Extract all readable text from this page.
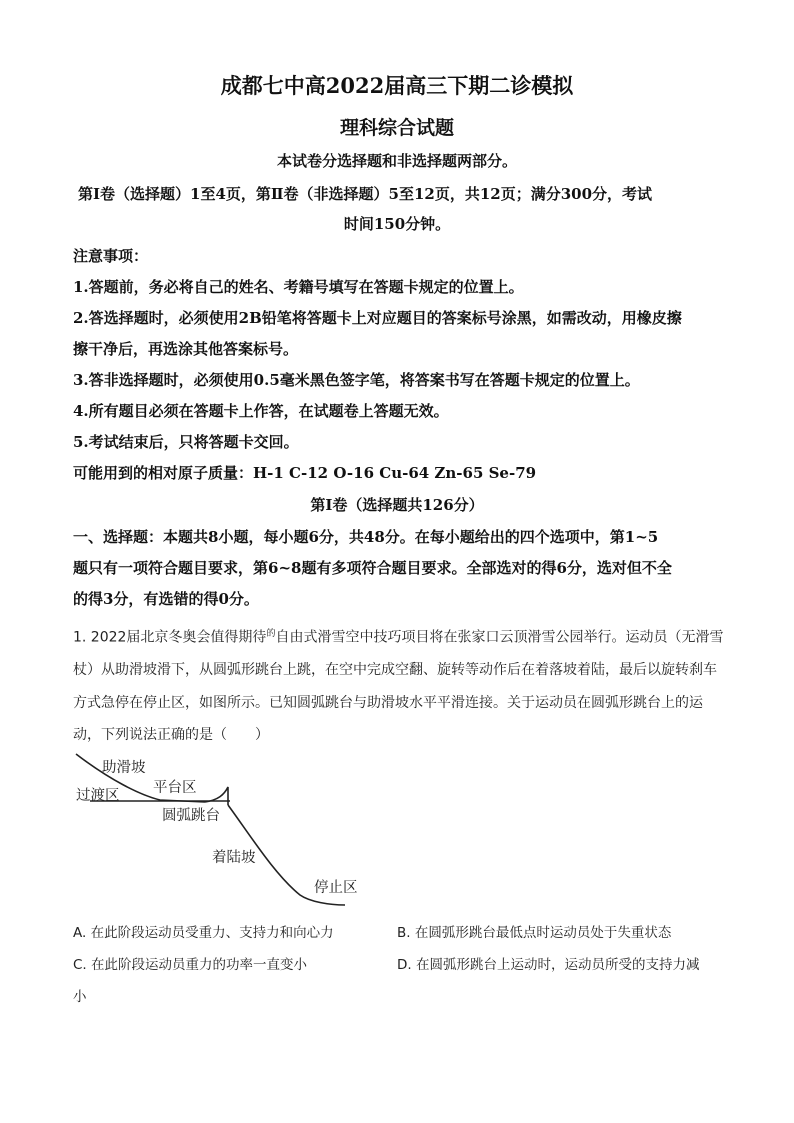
成都七中高2022届高三下期二诊模拟
理科综合试题
本试卷分选择题和非选择题两部分。
第Ⅰ卷（选择题）1至4页，第Ⅱ卷（非选择题）5至12页，共12页；满分300分，考试
时间150分钟。
注意事项：
1.答题前，务必将自己的姓名、考籍号填写在答题卡规定的位置上。
2.答选择题时，必须使用2B铅笔将答题卡上对应题目的答案标号涂黑，如需改动，用橡皮擦
擦干净后，再选涂其他答案标号。
3.答非选择题时，必须使用0.5毫米黑色签字笔，将答案书写在答题卡规定的位置上。
4.所有题目必须在答题卡上作答，在试题卷上答题无效。
5.考试结束后，只将答题卡交回。
可能用到的相对原子质量：H-1 C-12 O-16 Cu-64 Zn-65 Se-79
第Ⅰ卷（选择题共126分）
一、选择题：本题共8小题，每小题6分，共48分。在每小题给出的四个选项中，第1~5
题只有一项符合题目要求，第6~8题有多项符合题目要求。全部选对的得6分，选对但不全
的得3分，有选错的得0分。
1. 2022届北京冬奥会值得期待$^的$自由式滑雪空中技巧项目将在张家口云顶滑雪公园举行。运动员（无滑雪
杖）从助滑坡滑下，从圆弧形跳台上跳，在空中完成空翻、旋转等动作后在着落坡着陆，最后以旋转刹车
方式急停在停止区，如图所示。已知圆弧跳台与助滑坡水平平滑连接。关于运动员在圆弧形跳台上的运
动，下列说法正确的是（　　）
助滑坡
平台区
过渡区
圆弧跳台
着陆坡
停止区
A. 在此阶段运动员受重力、支持力和向心力	B. 在圆弧形跳台最低点时运动员处于失重状态
C. 在此阶段运动员重力的功率一直变小	D. 在圆弧形跳台上运动时，运动员所受的支持力减
小
